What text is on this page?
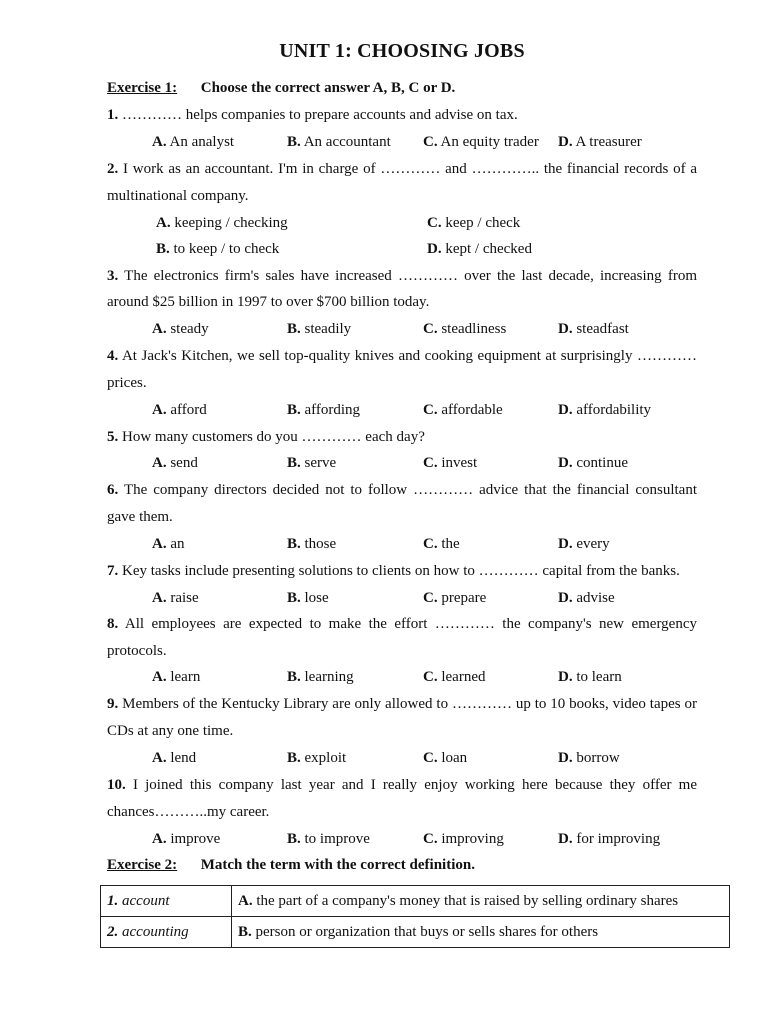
UNIT 1: CHOOSING JOBS
Exercise 1: Choose the correct answer A, B, C or D.
1. ………… helps companies to prepare accounts and advise on tax.
A. An analyst	B. An accountant C. An equity trader D. A treasurer
2. I work as an accountant. I'm in charge of ………… and ………….. the financial records of a
multinational company.
A. keeping / checking	C. keep / check
B. to keep / to check	D. kept / checked
3. The electronics firm's sales have increased ………… over the last decade, increasing from
around $25 billion in 1997 to over $700 billion today.
A. steady	B. steadily	C. steadliness	D. steadfast
4. At Jack's Kitchen, we sell top-quality knives and cooking equipment at surprisingly …………
prices.
A. afford	B. affording	C. affordable	D. affordability
5. How many customers do you ………… each day?
A. send	B. serve	C. invest	D. continue
6. The company directors decided not to follow ………… advice that the financial consultant
gave them.
A. an	B. those	C. the	D. every
7. Key tasks include presenting solutions to clients on how to ………… capital from the banks.
A. raise	B. lose	C. prepare	D. advise
8. All employees are expected to make the effort ………… the company's new emergency
protocols.
A. learn	B. learning	C. learned	D. to learn
9. Members of the Kentucky Library are only allowed to ………… up to 10 books, video tapes or
CDs at any one time.
A. lend	B. exploit	C. loan	D. borrow
10. I joined this company last year and I really enjoy working here because they offer me
chances………..my career.
A. improve	B. to improve	C. improving	D. for improving
Exercise 2: Match the term with the correct definition.
1. account	A. the part of a company's money that is raised by selling ordinary shares
2. accounting	B. person or organization that buys or sells shares for others
